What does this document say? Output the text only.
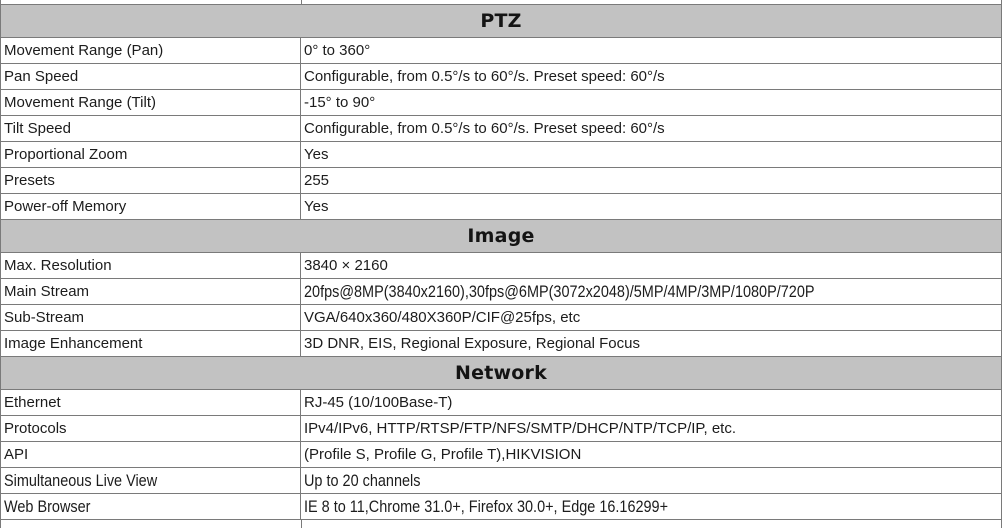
PTZ
Movement Range (Pan)	0° to 360°
Pan Speed	Configurable, from 0.5°/s to 60°/s. Preset speed: 60°/s
Movement Range (Tilt)	-15° to 90°
Tilt Speed	Configurable, from 0.5°/s to 60°/s. Preset speed: 60°/s
Proportional Zoom	Yes
Presets	255
Power-off Memory	Yes
Image
Max. Resolution	3840 × 2160
Main Stream	20fps@8MP(3840x2160),30fps@6MP(3072x2048)/5MP/4MP/3MP/1080P/720P
Sub-Stream	VGA/640x360/480X360P/CIF@25fps, etc
Image Enhancement	3D DNR, EIS, Regional Exposure, Regional Focus
Network
Ethernet	RJ-45 (10/100Base-T)
Protocols	IPv4/IPv6, HTTP/RTSP/FTP/NFS/SMTP/DHCP/NTP/TCP/IP, etc.
API	(Profile S, Profile G, Profile T),HIKVISION
Simultaneous Live View	Up to 20 channels
Web Browser	IE 8 to 11,Chrome 31.0+, Firefox 30.0+, Edge 16.16299+
